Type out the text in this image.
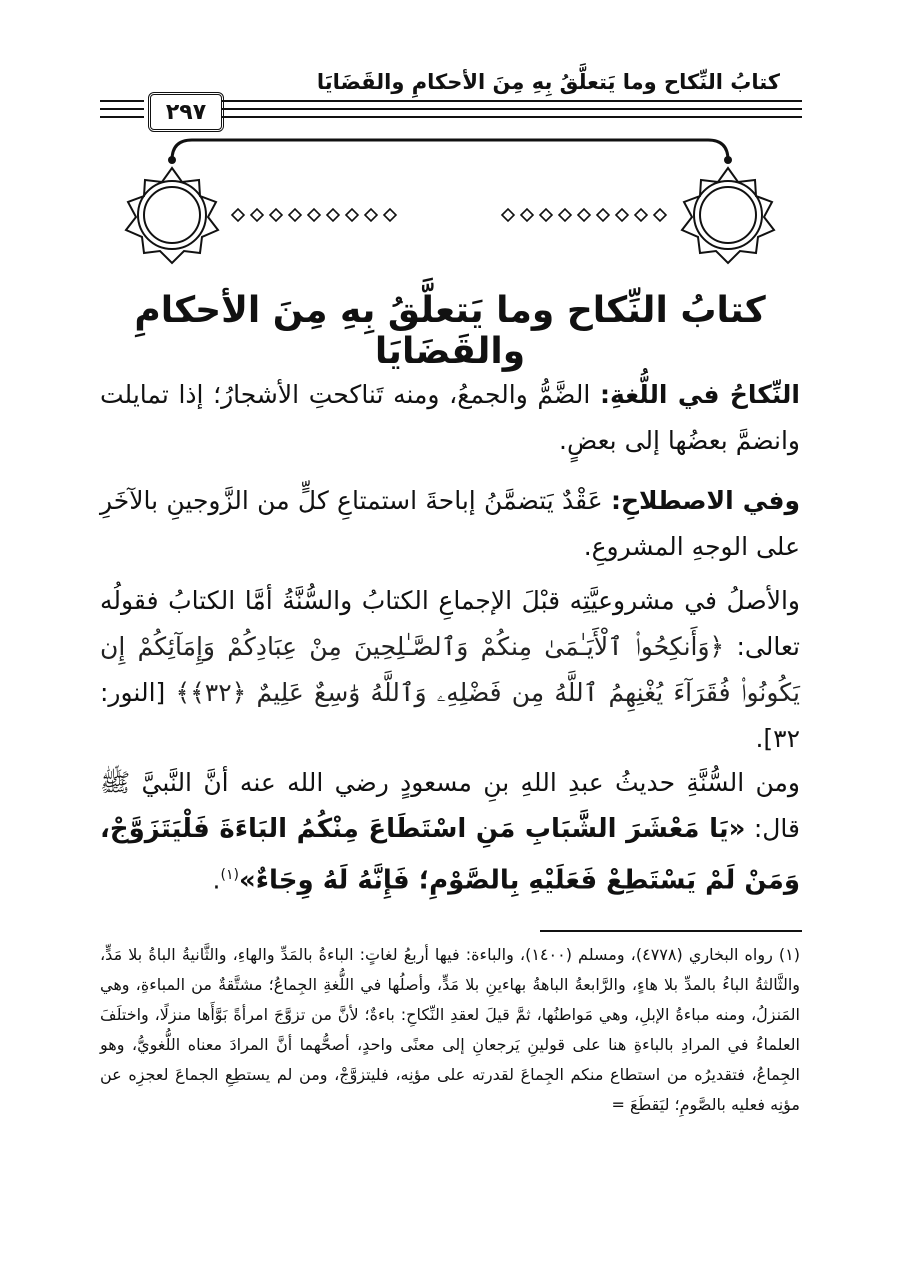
كتابُ النِّكاح وما يَتعلَّقُ بِهِ مِنَ الأحكامِ والقَضَايَا
٢٩٧
كتابُ النِّكاح وما يَتعلَّقُ بِهِ مِنَ الأحكامِ والقَضَايَا
النِّكاحُ في اللُّغةِ: الضَّمُّ والجمعُ، ومنه تَناكحتِ الأشجارُ؛ إذا تمايلت وانضمَّ بعضُها إلى بعضٍ.
وفي الاصطلاحِ: عَقْدٌ يَتضمَّنُ إباحةَ استمتاعِ كلٍّ من الزَّوجينِ بالآخَرِ على الوجهِ المشروعِ.
والأصلُ في مشروعيَّتِه قبْلَ الإجماعِ الكتابُ والسُّنَّةُ أمَّا الكتابُ فقولُه تعالى: ﴿وَأَنكِحُوا۟ ٱلْأَيَـٰمَىٰ مِنكُمْ وَٱلصَّـٰلِحِينَ مِنْ عِبَادِكُمْ وَإِمَآئِكُمْ إِن يَكُونُوا۟ فُقَرَآءَ يُغْنِهِمُ ٱللَّهُ مِن فَضْلِهِۦ وَٱللَّهُ وَٰسِعٌ عَلِيمٌ ﴿٣٢﴾﴾ [النور: ٣٢].
ومن السُّنَّةِ حديثُ عبدِ اللهِ بنِ مسعودٍ رضي الله عنه أنَّ النَّبيَّ ﷺ قال: «يَا مَعْشَرَ الشَّبَابِ مَنِ اسْتَطَاعَ مِنْكُمُ البَاءَةَ فَلْيَتَزَوَّجْ، وَمَنْ لَمْ يَسْتَطِعْ فَعَلَيْهِ بِالصَّوْمِ؛ فَإِنَّهُ لَهُ وِجَاءٌ»$^{(١)}$.
(١) رواه البخاري (٤٧٧٨)، ومسلم (١٤٠٠)، والباءة: فيها أربعُ لغاتٍ: الباءةُ بالمَدِّ والهاءِ، والثَّانيةُ الباةُ بلا مَدٍّ، والثَّالثةُ الباءُ بالمدِّ بلا هاءٍ، والرَّابعةُ الباهةُ بهاءينِ بلا مَدٍّ، وأصلُها في اللُّغةِ الجِماعُ؛ مشتَّقةٌ من المباءةِ، وهي المَنزلُ، ومنه مباءةُ الإبلِ، وهي مَواطنُها، ثمَّ قيلَ لعقدِ النِّكاحِ: باءةٌ؛ لأنَّ من تزوَّجَ امرأةً بَوَّأَها منزلًا، واختلَفَ العلماءُ في المرادِ بالباءةِ هنا على قولينِ يَرجعانِ إلى معنًى واحدٍ، أصحُّهما أنَّ المرادَ معناه اللُّغويُّ، وهو الجِماعُ، فتقديرُه من استطاع منكم الجِماعَ لقدرته على مؤنِه، فليتزوَّجْ، ومن لم يستطِعِ الجماعَ لعجزِه عن مؤنِه فعليه بالصَّومِ؛ ليَقطَعَ =
